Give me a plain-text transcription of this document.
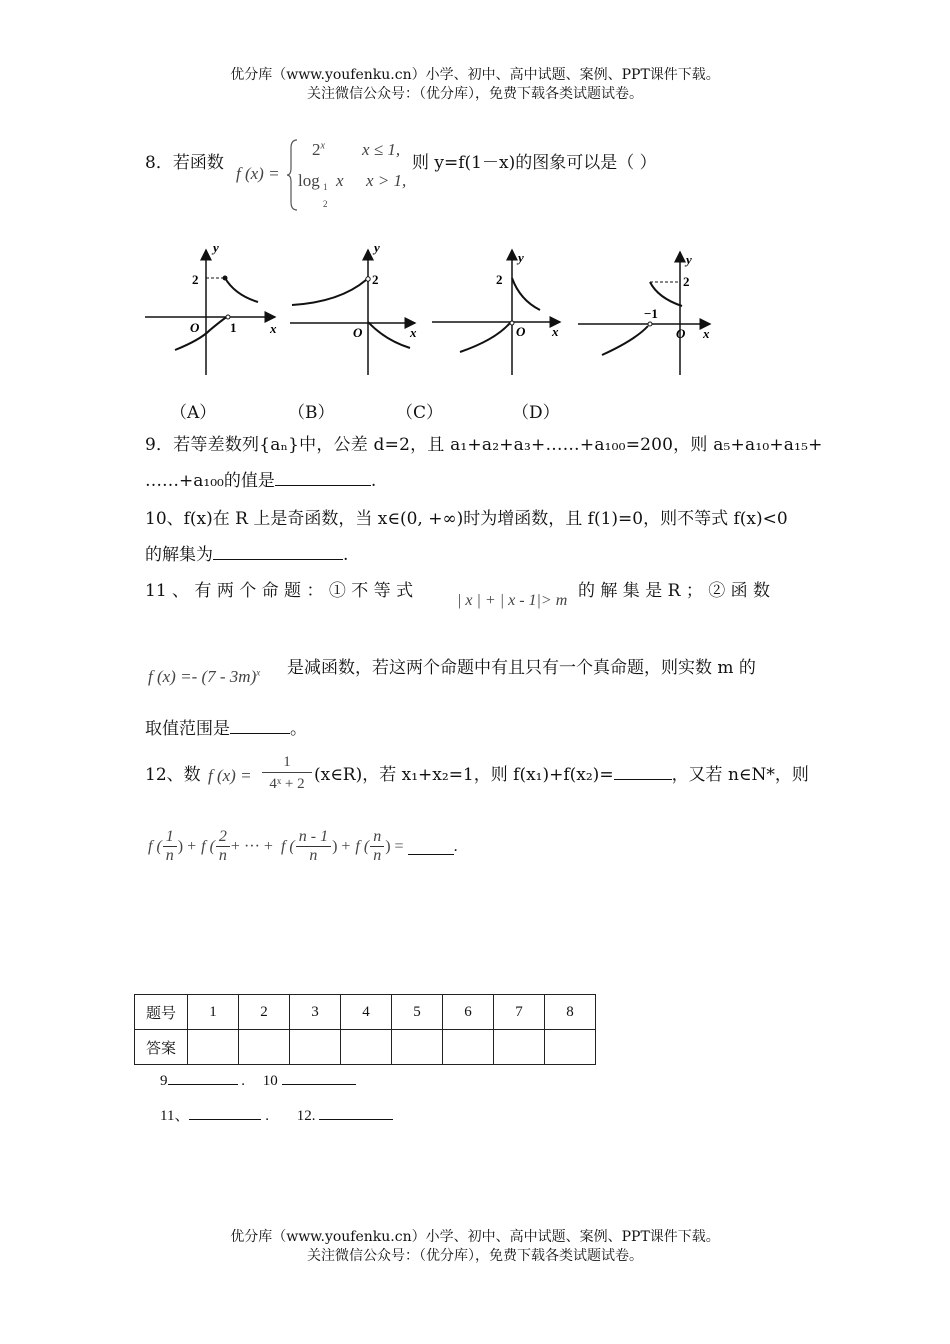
优分库（www.youfenku.cn）小学、初中、高中试题、案例、PPT课件下载。
关注微信公众号：（优分库），免费下载各类试题试卷。
8．若函数
f (x) =
$2^x$ x ≤ 1,
log 1
2
x x > 1,
则 y=f(1－x)的图象可以是（ ）
y
x
O
2
1
y
x
O
2
y
x
O
2
y
x
O
2
−1
（A）	（B）	（C）	（D）
9．若等差数列{aₙ}中，公差 d=2，且 a₁+a₂+a₃+……+a₁₀₀=200，则 a₅+a₁₀+a₁₅+
……+a₁₀₀的值是	.
10、f(x)在 R 上是奇函数，当 x∈(0, +∞)时为增函数，且 f(1)=0，则不等式 f(x)<0
的解集为	.
11 、 有 两 个 命 题 ： ① 不 等 式	| x | + | x - 1|> m 的 解 集 是 R ； ② 函 数
f (x) =- (7 - 3m)$^x$ 是减函数，若这两个命题中有且只有一个真命题，则实数 m 的
取值范围是	。
12、数 f (x) =
1
4ˣ + 2 (x∈R)，若 x₁+x₂=1，则 f(x₁)+f(x₂)=	，又若 n∈N*，则
f ( $\frac{1}{n}$ ) + f ( $\frac{2}{n}$ + ··· + f ( $\frac{n - 1}{n}$ ) + f ( $\frac{n}{n}$ ) =	.
题号	1	2	3	4	5	6	7	8
答案								
9	. 10
11、	. 12.
优分库（www.youfenku.cn）小学、初中、高中试题、案例、PPT课件下载。
关注微信公众号：（优分库），免费下载各类试题试卷。
